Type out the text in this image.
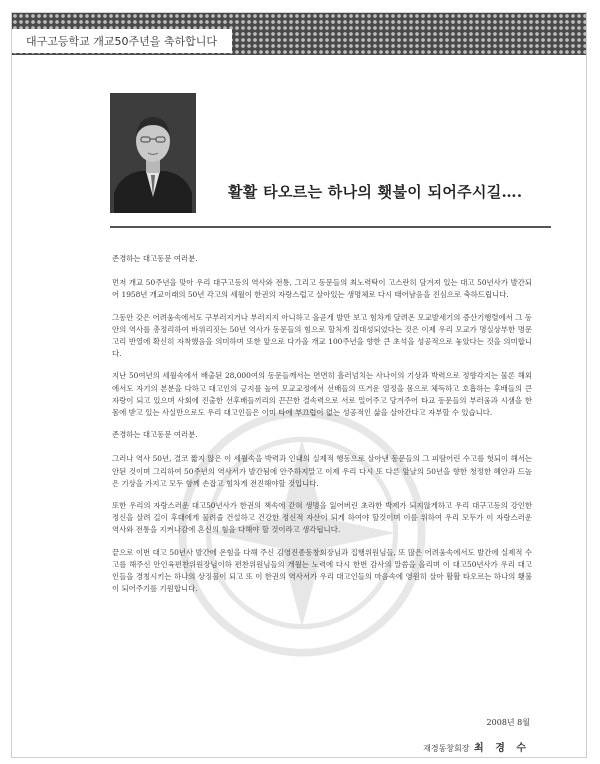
대구고등학교 개교50주년을 축하합니다
활활 타오르는 하나의 횃불이 되어주시길….

존경하는 대고동문 여러분.

먼저 개교 50주년을 맞아 우리 대구고등의 역사와 전통, 그리고 동문들의 최노력탁이 고스란히 담겨져 있는 대고 50년사가 발간되어 1958년 개교이래의 50년 각고의 세월이 한권의 자랑스럽고 살아있는 생명체로 다시 태어남음을 진심으로 축하드립니다.

그동안 갖은 어려움속에서도 구부러지거나 부러지지 아니하고 올곧게 발만 보고 힘차게 달려온 모교발세기의 증산기행렬에서 그 동안의 역사를 총정리하여 바위리짓는 50년 역사가 동문들의 힘으로 할처게 집대성되었다는 것은 이제 우리 모교가 명실상부한 명문고리 반열에 확신히 자착했음을 의미하며 또한 앞으로 다가올 개교 100주년을 향한 큰 초석을 성공적으로 놓았다는 것을 의미합니다.

지난 50여년의 세월속에서 배출된 28,000여의 동문들께서는 면면히 흘러넘치는 사나이의 기상과 박력으로 정향각지는 물론 해외에서도 자기의 본분을 다하고 대고인의 긍지를 높여 모교교정에서 선배들의 뜨거운 열정을 몸으로 체득하고 호흡하는 후배들의 큰 자랑이 되고 있으며 사회에 진출한 선후배들끼리의 끈끈한 결속력으로 서로 밀어주고 당겨주어 타교 동문들의 부러움과 시샘을 한몸에 받고 있는 사실만으로도 우리 대고인들은 이미 타에 부끄럽이 없는 성공적인 삶을 살아간다고 자부할 수 있습니다.

존경하는 대고동문 여러분.

그러나 역사 50년, 결코 짧지 않은 이 세월속을 박력과 인내의 실제적 행동으로 살아낸 동문들의 그 피땀어린 수고를 헛되이 해서는 안된 것이며 그리하여 50주년의 역사서가 발간됨에 안주하지말고 이제 우리 다시 또 다른 앞날의 50년을 향한 청정한 혜안과 드높은 기상을 가지고 모두 함께 손잡고 힘차게 전진해야할 것입니다.

또한 우리의 자랑스러운 대고50년사가 한권의 책속에 갇혀 생명을 잃어버린 초라한 박제가 되지않게하고 우리 대구고등의 강인한 정신을 살려 길이 후대에게 물려줄 건설하고 건강한 정신적 자산이 되게 하여야 할것이며 이를 위하여 우리 모두가 이 자랑스러운 역사와 전통을 지켜나감에 혼신의 힘을 다해야 할 것이라고 생각됩니다.

끝으로 이번 대고 50년사 발간에 온힘을 다해 주신 김영진종동창회장님과 집행위원님들, 또 많은 어려움속에서도 발간에 실제적 수고를 해주신 안인육편찬위원장님이하 편찬위원님들의 개월는 노력에 다시 한번 감사의 말씀을 올리며 이 대고50년사가 우리 대고인들을 경칭시키는 하나의 상징물이 되고 또 이 한권의 역사서가 우리 대고인들의 마음속에 영원히 살아 활활 타오르는 하나의 횃불이 되어주기를 기원합니다.

2008년 8월
재경동창회장 최 경 수
